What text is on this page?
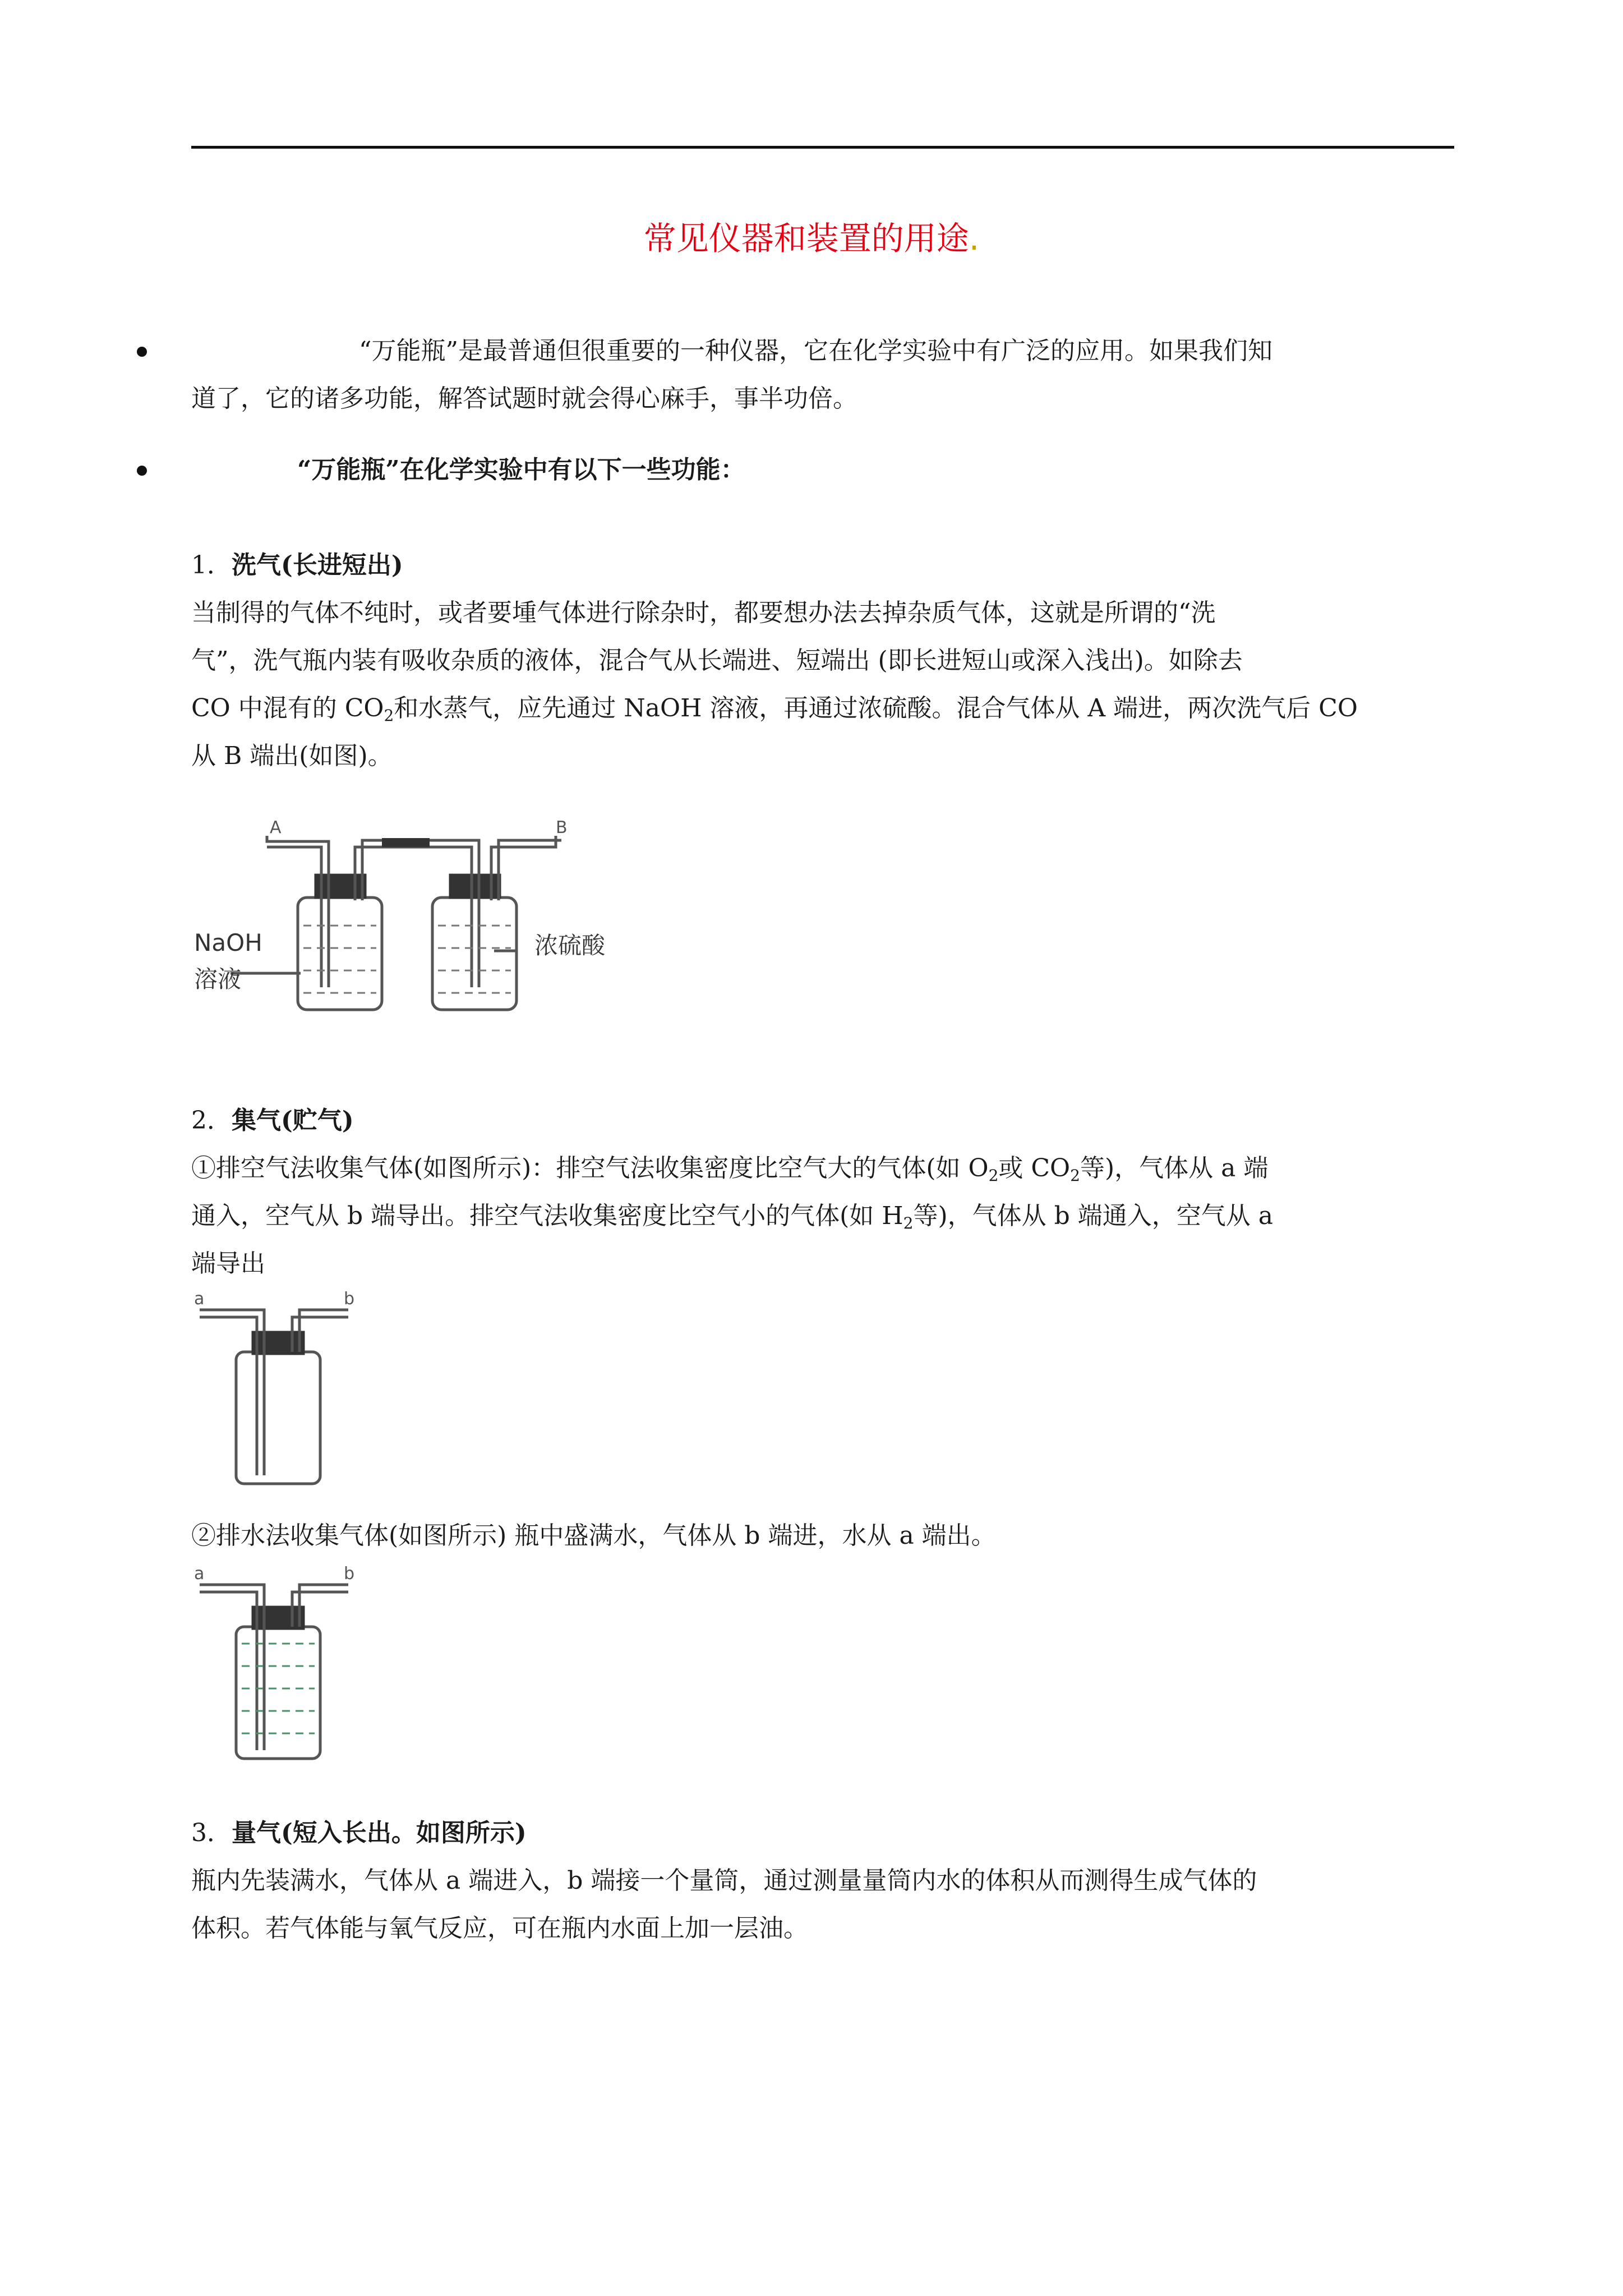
常见仪器和装置的用途.
“万能瓶”是最普通但很重要的一种仪器，它在化学实验中有广泛的应用。如果我们知
道了，它的诸多功能，解答试题时就会得心麻手，事半功倍。
“万能瓶”在化学实验中有以下一些功能：
1．洗气(长进短出)
当制得的气体不纯时，或者要堹气体进行除杂时，都要想办法去掉杂质气体，这就是所谓的“洗
气”，洗气瓶内装有吸收杂质的液体，混合气从长端进、短端出 (即长进短山或深入浅出)。如除去
CO 中混有的 $CO_2$和水蒸气，应先通过 NaOH 溶液，再通过浓硫酸。混合气体从 A 端进，两次洗气后 CO
从 B 端出(如图)。
A	B
NaOH
溶液
浓硫酸
2．集气(贮气)
①排空气法收集气体(如图所示)：排空气法收集密度比空气大的气体(如 $O_2$或 $CO_2$等)，气体从 a 端
通入，空气从 b 端导出。排空气法收集密度比空气小的气体(如 $H_2$等)，气体从 b 端通入，空气从 a
端导出
a	b
②排水法收集气体(如图所示) 瓶中盛满水，气体从 b 端进，水从 a 端出。
a	b
3．量气(短入长出。如图所示)
瓶内先装满水，气体从 a 端进入，b 端接一个量筒，通过测量量筒内水的体积从而测得生成气体的
体积。若气体能与氧气反应，可在瓶内水面上加一层油。
